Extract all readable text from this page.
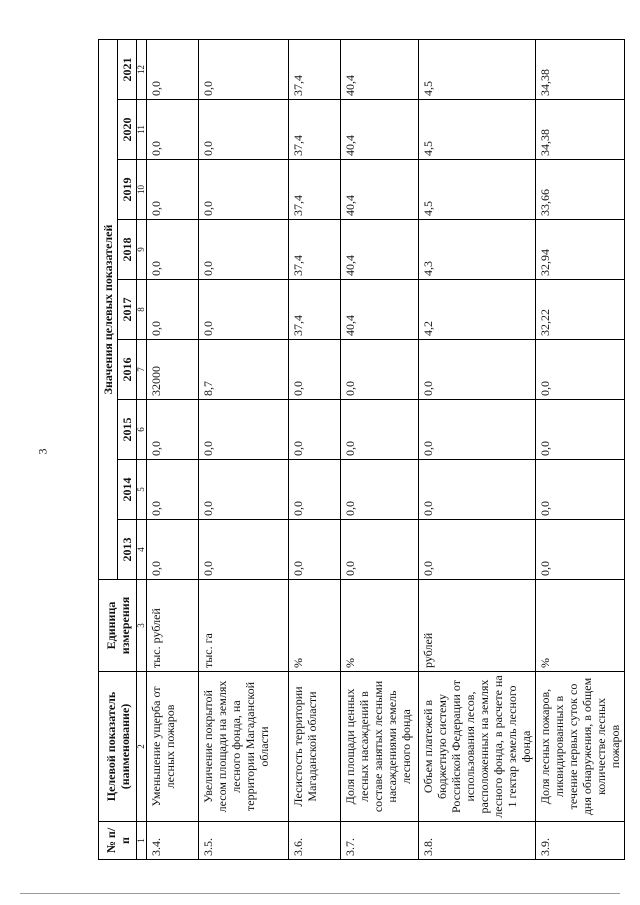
3
№ п/п	Целевой показатель (наименование)	Единица измерения	Значения целевых показателей								
			2013	2014	2015	2016	2017	2018	2019	2020	2021
1	2	3	4	5	6	7	8	9	10	11	12
3.4.	Уменьшение ущерба от лесных пожаров	тыс. рублей	0,0	0,0	0,0	32000	0,0	0,0	0,0	0,0	0,0
3.5.	Увеличение покрытой лесом площади на землях лесного фонда, на территории Магаданской области	тыс. га	0,0	0,0	0,0	8,7	0,0	0,0	0,0	0,0	0,0
3.6.	Лесистость территории Магаданской области	%	0,0	0,0	0,0	0,0	37,4	37,4	37,4	37,4	37,4
3.7.	Доля площади ценных лесных насаждений в составе занятых лесными насаждениями земель лесного фонда	%	0,0	0,0	0,0	0,0	40,4	40,4	40,4	40,4	40,4
3.8.	Объем платежей в бюджетную систему Российской Федерации от использования лесов, расположенных на землях лесного фонда, в расчете на 1 гектар земель лесного фонда	рублей	0,0	0,0	0,0	0,0	4,2	4,3	4,5	4,5	4,5
3.9.	Доля лесных пожаров, ликвидированных в течение первых суток со дня обнаружения, в общем количестве лесных пожаров	%	0,0	0,0	0,0	0,0	32,22	32,94	33,66	34,38	34,38
